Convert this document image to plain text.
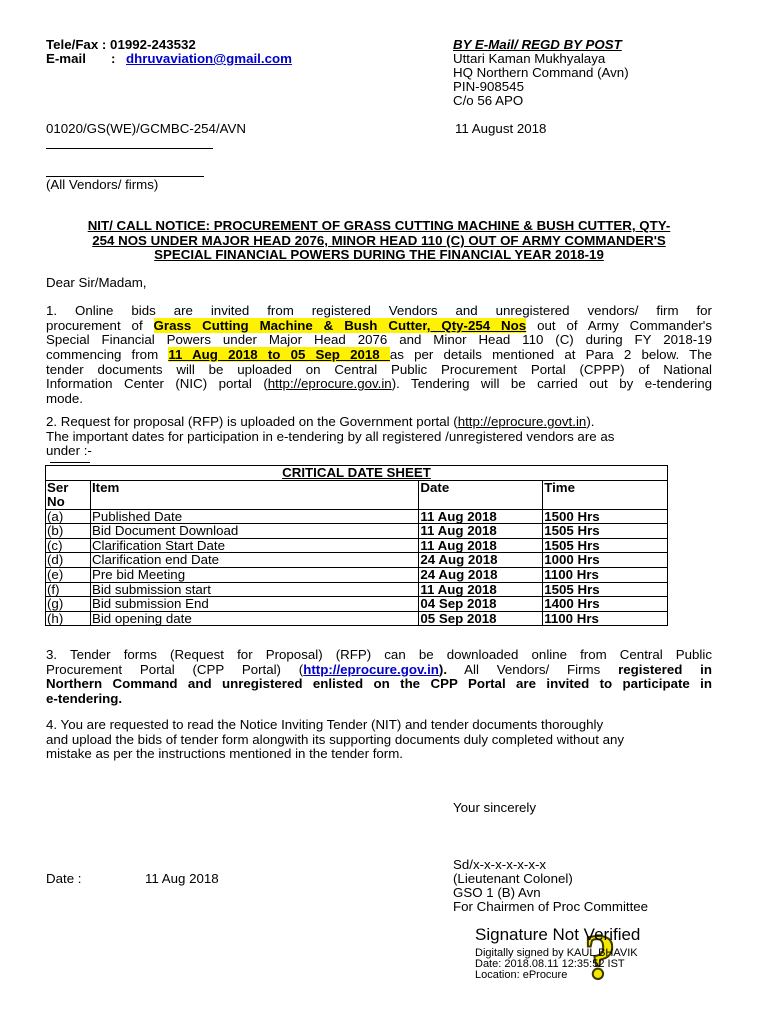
Tele/Fax : 01992-243532
E-mail : dhruvaviation@gmail.com
BY E-Mail/ REGD BY POST
Uttari Kaman Mukhyalaya
HQ Northern Command (Avn)
PIN-908545
C/o 56 APO
01020/GS(WE)/GCMBC-254/AVN	11 August 2018
(All Vendors/ firms)
NIT/ CALL NOTICE: PROCUREMENT OF GRASS CUTTING MACHINE & BUSH CUTTER, QTY-
254 NOS UNDER MAJOR HEAD 2076, MINOR HEAD 110 (C) OUT OF ARMY COMMANDER'S
SPECIAL FINANCIAL POWERS DURING THE FINANCIAL YEAR 2018-19
Dear Sir/Madam,
1. Online bids are invited from registered Vendors and unregistered vendors/ firm for
procurement of Grass Cutting Machine & Bush Cutter, Qty-254 Nos out of Army Commander's
Special Financial Powers under Major Head 2076 and Minor Head 110 (C) during FY 2018-19
commencing from 11 Aug 2018 to 05 Sep 2018 as per details mentioned at Para 2 below. The
tender documents will be uploaded on Central Public Procurement Portal (CPPP) of National
Information Center (NIC) portal (http://eprocure.gov.in). Tendering will be carried out by e-tendering
mode.
2. Request for proposal (RFP) is uploaded on the Government portal (http://eprocure.govt.in).
The important dates for participation in e-tendering by all registered /unregistered vendors are as
under :-
CRITICAL DATE SHEET			
Ser No	Item	Date	Time
(a)	Published Date	11 Aug 2018	1500 Hrs
(b)	Bid Document Download	11 Aug 2018	1505 Hrs
(c)	Clarification Start Date	11 Aug 2018	1505 Hrs
(d)	Clarification end Date	24 Aug 2018	1000 Hrs
(e)	Pre bid Meeting	24 Aug 2018	1100 Hrs
(f)	Bid submission start	11 Aug 2018	1505 Hrs
(g)	Bid submission End	04 Sep 2018	1400 Hrs
(h)	Bid opening date	05 Sep 2018	1100 Hrs
3. Tender forms (Request for Proposal) (RFP) can be downloaded online from Central Public
Procurement Portal (CPP Portal) (http://eprocure.gov.in). All Vendors/ Firms registered in
Northern Command and unregistered enlisted on the CPP Portal are invited to participate in
e-tendering.
4. You are requested to read the Notice Inviting Tender (NIT) and tender documents thoroughly
and upload the bids of tender form alongwith its supporting documents duly completed without any
mistake as per the instructions mentioned in the tender form.
Your sincerely
Sd/x-x-x-x-x-x-x
Date :	11 Aug 2018	(Lieutenant Colonel)
GSO 1 (B) Avn
For Chairmen of Proc Committee
?
Signature Not Verified
Digitally signed by KAUL BHAVIK
Date: 2018.08.11 12:35:52 IST
Location: eProcure
